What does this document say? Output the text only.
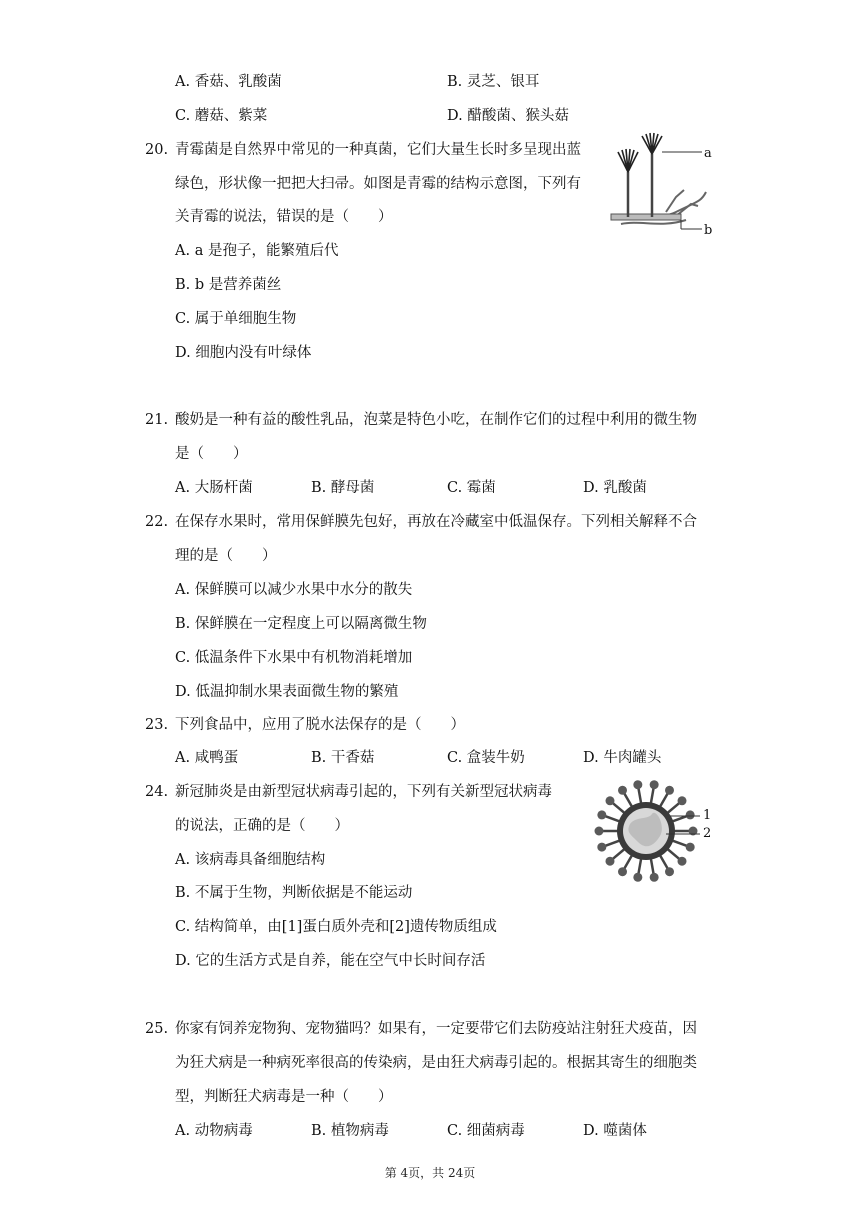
A. 香菇、乳酸菌	B. 灵芝、银耳
C. 蘑菇、紫菜	D. 醋酸菌、猴头菇
20. 青霉菌是自然界中常见的一种真菌，它们大量生长时多呈现出蓝
绿色，形状像一把把大扫帚。如图是青霉的结构示意图，下列有
关青霉的说法，错误的是（　　）
A. a 是孢子，能繁殖后代
B. b 是营养菌丝
C. 属于单细胞生物
D. 细胞内没有叶绿体
a
b
21. 酸奶是一种有益的酸性乳品，泡菜是特色小吃，在制作它们的过程中利用的微生物
是（　　）
A. 大肠杆菌	B. 酵母菌	C. 霉菌	D. 乳酸菌
22. 在保存水果时，常用保鲜膜先包好，再放在冷藏室中低温保存。下列相关解释不合
理的是（　　）
A. 保鲜膜可以减少水果中水分的散失
B. 保鲜膜在一定程度上可以隔离微生物
C. 低温条件下水果中有机物消耗增加
D. 低温抑制水果表面微生物的繁殖
23. 下列食品中，应用了脱水法保存的是（　　）
A. 咸鸭蛋	B. 干香菇	C. 盒装牛奶	D. 牛肉罐头
24. 新冠肺炎是由新型冠状病毒引起的，下列有关新型冠状病毒
的说法，正确的是（　　）
A. 该病毒具备细胞结构
B. 不属于生物，判断依据是不能运动
C. 结构简单，由[1]蛋白质外壳和[2]遗传物质组成
D. 它的生活方式是自养，能在空气中长时间存活
1
2
25. 你家有饲养宠物狗、宠物猫吗？如果有，一定要带它们去防疫站注射狂犬疫苗，因
为狂犬病是一种病死率很高的传染病，是由狂犬病毒引起的。根据其寄生的细胞类
型，判断狂犬病毒是一种（　　）
A. 动物病毒	B. 植物病毒	C. 细菌病毒	D. 噬菌体
第 4页，共 24页
